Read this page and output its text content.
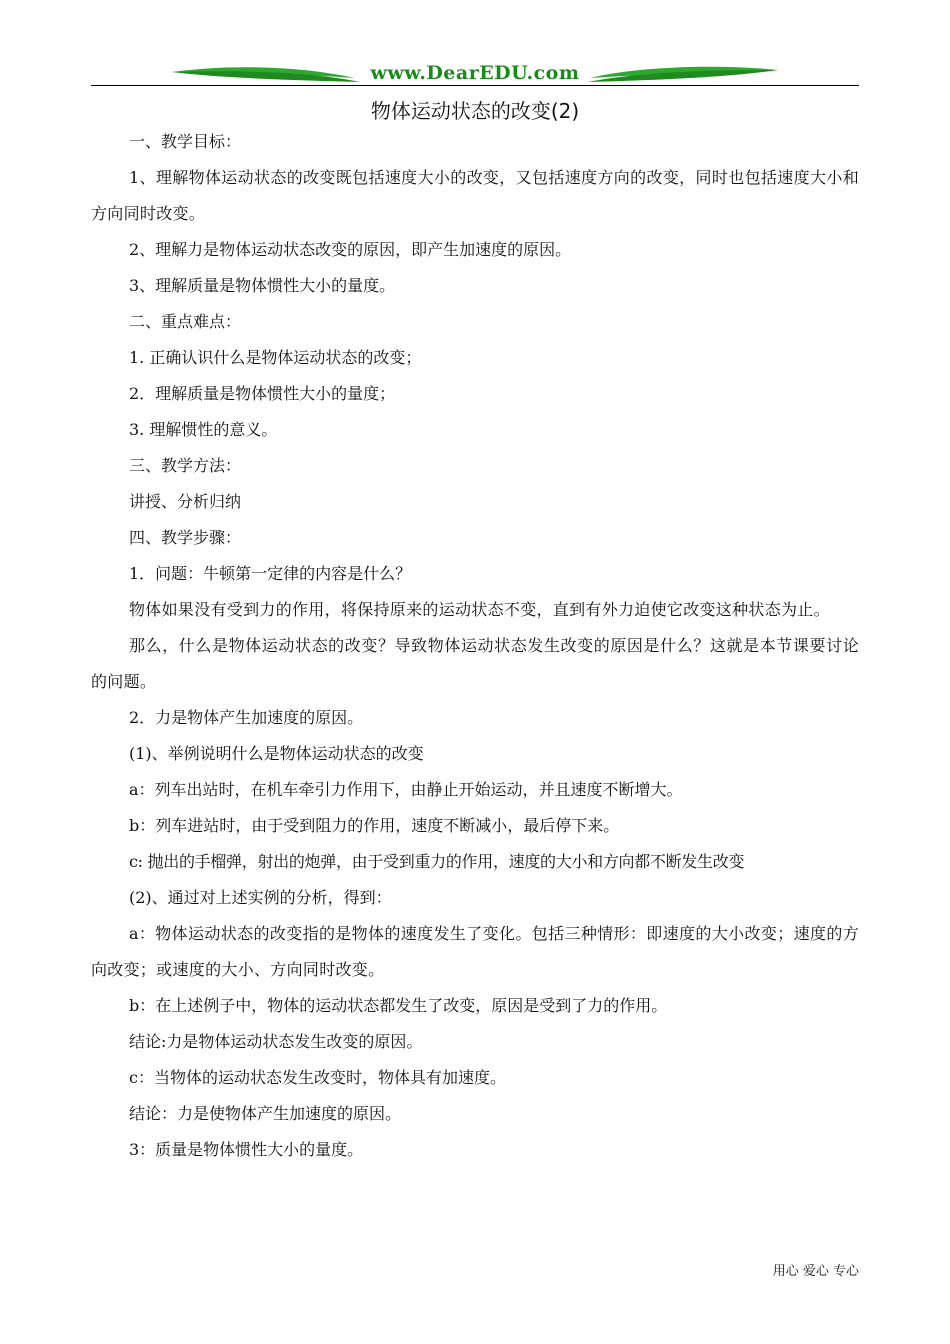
www.DearEDU.com
物体运动状态的改变(2)
一、教学目标：
1、理解物体运动状态的改变既包括速度大小的改变，又包括速度方向的改变，同时也包括速度大小和方向同时改变。
2、理解力是物体运动状态改变的原因，即产生加速度的原因。
3、理解质量是物体惯性大小的量度。
二、重点难点：
1. 正确认识什么是物体运动状态的改变；
2．理解质量是物体惯性大小的量度；
3. 理解惯性的意义。
三、教学方法：
讲授、分析归纳
四、教学步骤：
1．问题：牛顿第一定律的内容是什么？
物体如果没有受到力的作用，将保持原来的运动状态不变，直到有外力迫使它改变这种状态为止。
那么，什么是物体运动状态的改变？导致物体运动状态发生改变的原因是什么？这就是本节课要讨论的问题。
2．力是物体产生加速度的原因。
(1)、举例说明什么是物体运动状态的改变
a：列车出站时，在机车牵引力作用下，由静止开始运动，并且速度不断增大。
b：列车进站时，由于受到阻力的作用，速度不断减小，最后停下来。
c: 抛出的手榴弹，射出的炮弹，由于受到重力的作用，速度的大小和方向都不断发生改变
(2)、通过对上述实例的分析，得到：
a：物体运动状态的改变指的是物体的速度发生了变化。包括三种情形：即速度的大小改变；速度的方向改变；或速度的大小、方向同时改变。
b：在上述例子中，物体的运动状态都发生了改变，原因是受到了力的作用。
结论:力是物体运动状态发生改变的原因。
c：当物体的运动状态发生改变时，物体具有加速度。
结论：力是使物体产生加速度的原因。
3：质量是物体惯性大小的量度。
用心 爱心 专心
